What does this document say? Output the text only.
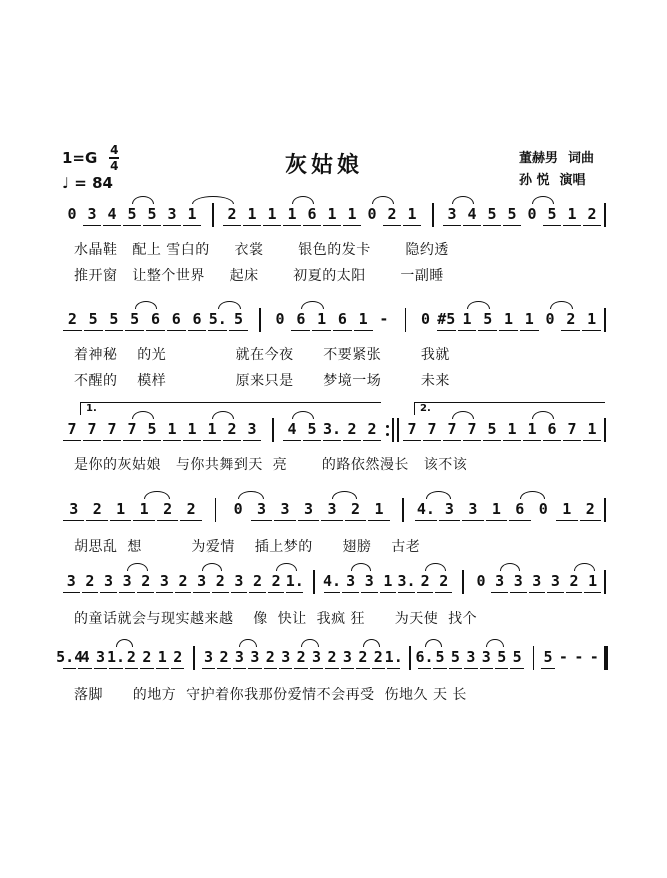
$1=G \frac{4}{4}$
♩ = 84
灰姑娘	董赫男 词曲
孙 悦 演唱
0 3 4 5 5 3 1 2 1 1 1 6 1 1 0 2 1 3 4 5 5 0 5 1 2
水晶鞋   配上 雪白的     衣裳       银色的发卡       隐约透
推开窗   让整个世界     起床       初夏的太阳       一副睡
2 5 5 5 6 6 6 5. 5 0 6 1 6 1 - 0 #5 1 5 1 1 0 2 1
着神秘    的光              就在今夜      不要紧张        我就
不醒的    模样              原来只是      梦境一场        未来
1.	2.
7 7 7 7 5 1 1 1 2 3 4 5 3. 2 2 7 7 7 7 5 1 1 6 7 1
是你的灰姑娘   与你共舞到天  亮       的路依然漫长   该不该
3 2 1 1 2 2	0 3 3 3 3 2 1 4. 3 3 1 6 0 1 2
胡思乱  想          为爱情    插上梦的      翅膀    古老
3 2 3 3 2 3 2 3 2 3 2 2 1. 4. 3 3 1 3. 2 2 0 3 3 3 3 2 1
的童话就会与现实越来越    像  快让  我疯 狂      为天使  找个
5.4
4 3 1. 2 2 1 2 3 2 3 3 2 3 2 3 2 3 2 2 1. 6. 5 5 3 3 5 5 5 - - -
落脚      的地方  守护着你我那份爱情不会再受  伤地久 天 长
